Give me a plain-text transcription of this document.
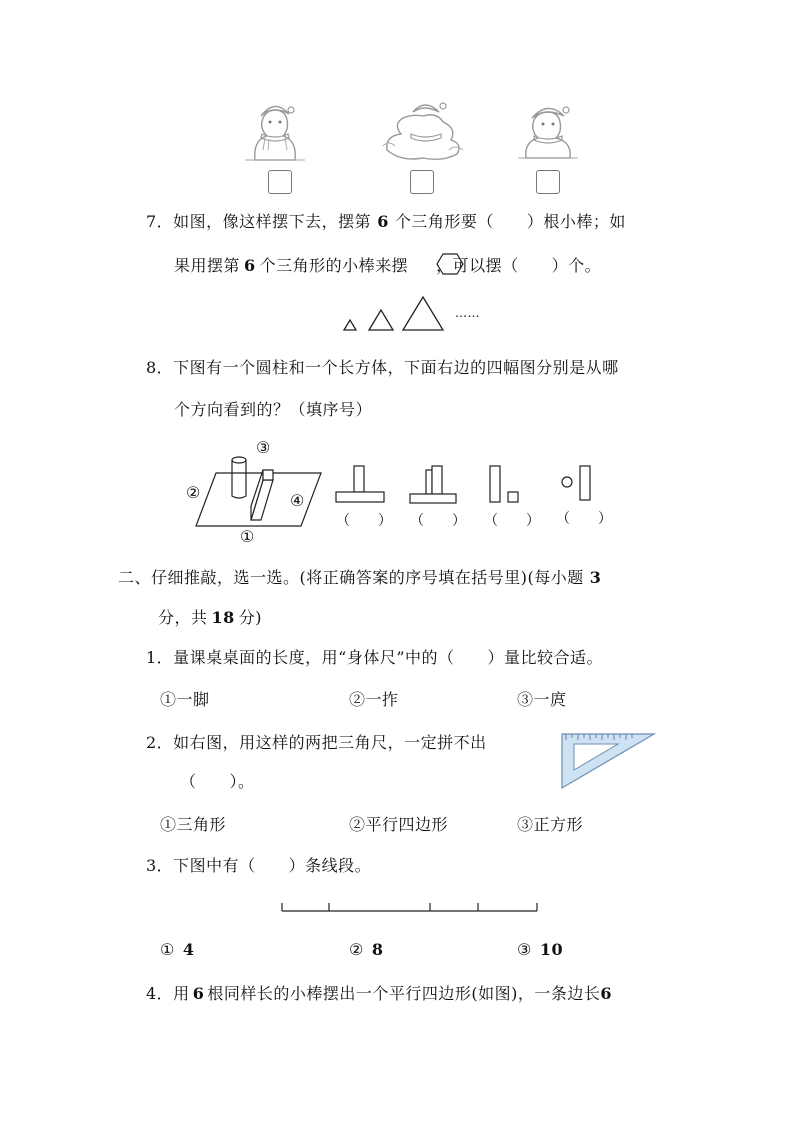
7．如图，像这样摆下去，摆第 6 个三角形要（　　）根小棒；如
果用摆第 6 个三角形的小棒来摆 ，可以摆（　　）个。
……
8．下图有一个圆柱和一个长方体，下面右边的四幅图分别是从哪
个方向看到的？（填序号）
①
②
③
④
（　　） （　　） （　　） （　　）
二、仔细推敲，选一选。(将正确答案的序号填在括号里)(每小题 3
分，共 18 分)
1．量课桌桌面的长度，用“身体尺”中的（　　）量比较合适。
①一脚	②一拃	③一庹
2．如右图，用这样的两把三角尺，一定拼不出
（　　）。
①三角形	②平行四边形	③正方形
3．下图中有（　　）条线段。
① 4	② 8	③ 10
4．用 6 根同样长的小棒摆出一个平行四边形(如图)，一条边长6
